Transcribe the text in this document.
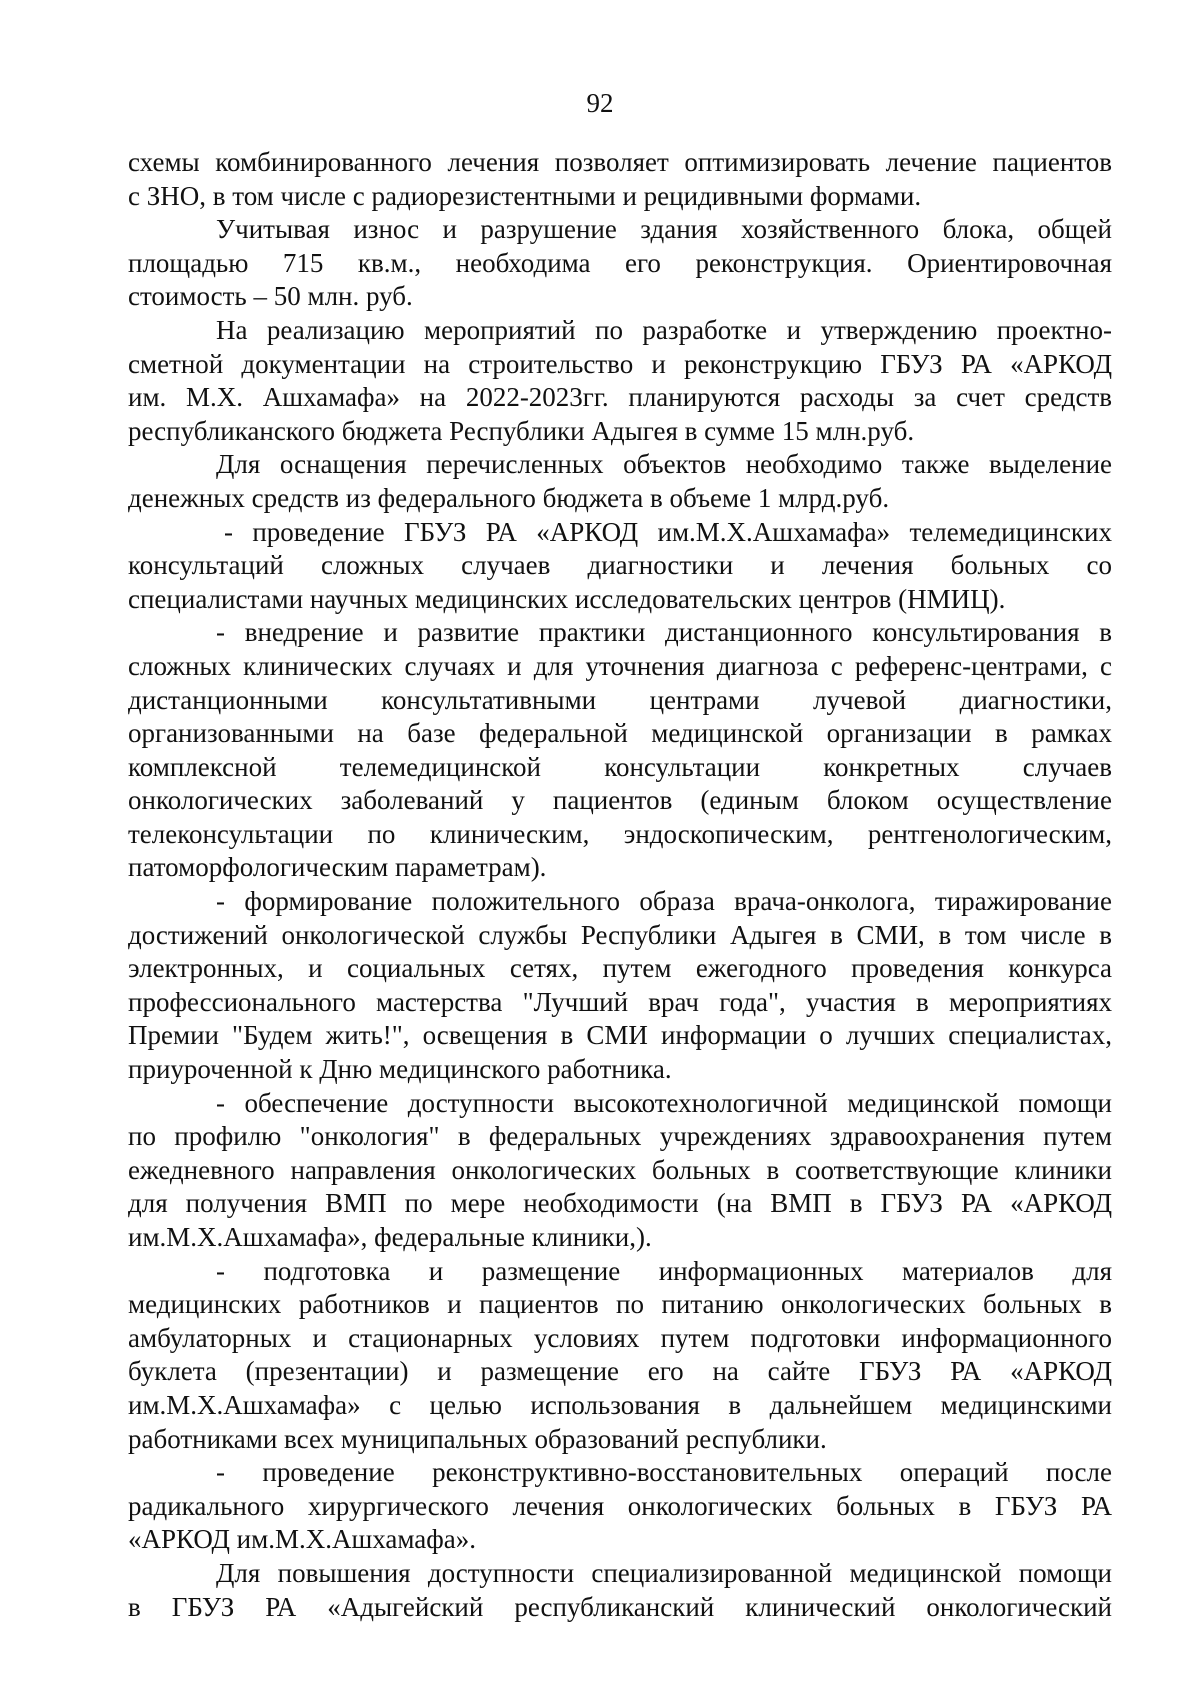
92
схемы комбинированного лечения позволяет оптимизировать лечение пациентов
с ЗНО, в том числе с радиорезистентными и рецидивными формами.
Учитывая износ и разрушение здания хозяйственного блока, общей
площадью 715 кв.м., необходима его реконструкция. Ориентировочная
стоимость – 50 млн. руб.
На реализацию мероприятий по разработке и утверждению проектно-
сметной документации на строительство и реконструкцию ГБУЗ РА «АРКОД
им. М.Х. Ашхамафа» на 2022-2023гг. планируются расходы за счет средств
республиканского бюджета Республики Адыгея в сумме 15 млн.руб.
Для оснащения перечисленных объектов необходимо также выделение
денежных средств из федерального бюджета в объеме 1 млрд.руб.
- проведение ГБУЗ РА «АРКОД им.М.Х.Ашхамафа» телемедицинских
консультаций сложных случаев диагностики и лечения больных со
специалистами научных медицинских исследовательских центров (НМИЦ).
- внедрение и развитие практики дистанционного консультирования в
сложных клинических случаях и для уточнения диагноза с референс-центрами, с
дистанционными консультативными центрами лучевой диагностики,
организованными на базе федеральной медицинской организации в рамках
комплексной телемедицинской консультации конкретных случаев
онкологических заболеваний у пациентов (единым блоком осуществление
телеконсультации по клиническим, эндоскопическим, рентгенологическим,
патоморфологическим параметрам).
- формирование положительного образа врача-онколога, тиражирование
достижений онкологической службы Республики Адыгея в СМИ, в том числе в
электронных, и социальных сетях, путем ежегодного проведения конкурса
профессионального мастерства "Лучший врач года", участия в мероприятиях
Премии "Будем жить!", освещения в СМИ информации о лучших специалистах,
приуроченной к Дню медицинского работника.
- обеспечение доступности высокотехнологичной медицинской помощи
по профилю "онкология" в федеральных учреждениях здравоохранения путем
ежедневного направления онкологических больных в соответствующие клиники
для получения ВМП по мере необходимости (на ВМП в ГБУЗ РА «АРКОД
им.М.Х.Ашхамафа», федеральные клиники,).
- подготовка и размещение информационных материалов для
медицинских работников и пациентов по питанию онкологических больных в
амбулаторных и стационарных условиях путем подготовки информационного
буклета (презентации) и размещение его на сайте ГБУЗ РА «АРКОД
им.М.Х.Ашхамафа» с целью использования в дальнейшем медицинскими
работниками всех муниципальных образований республики.
- проведение реконструктивно-восстановительных операций после
радикального хирургического лечения онкологических больных в ГБУЗ РА
«АРКОД им.М.Х.Ашхамафа».
Для повышения доступности специализированной медицинской помощи
в ГБУЗ РА «Адыгейский республиканский клинический онкологический
